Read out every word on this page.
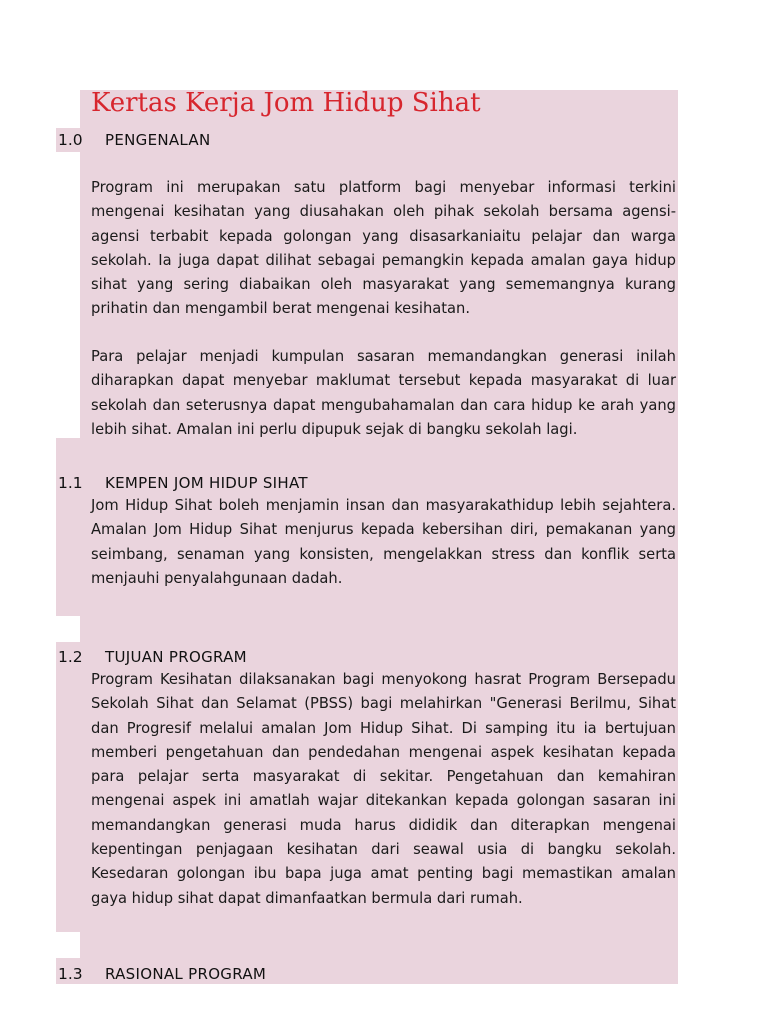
Kertas Kerja Jom Hidup Sihat
1.0 PENGENALAN

Program ini merupakan satu platform bagi menyebar informasi terkini mengenai kesihatan yang diusahakan oleh pihak sekolah bersama agensi-agensi terbabit kepada golongan yang disasarkaniaitu pelajar dan warga sekolah. Ia juga dapat dilihat sebagai pemangkin kepada amalan gaya hidup sihat yang sering diabaikan oleh masyarakat yang sememangnya kurang prihatin dan mengambil berat mengenai kesihatan.

Para pelajar menjadi kumpulan sasaran memandangkan generasi inilah diharapkan dapat menyebar maklumat tersebut kepada masyarakat di luar sekolah dan seterusnya dapat mengubahamalan dan cara hidup ke arah yang lebih sihat. Amalan ini perlu dipupuk sejak di bangku sekolah lagi.

1.1 KEMPEN JOM HIDUP SIHAT

Jom Hidup Sihat boleh menjamin insan dan masyarakathidup lebih sejahtera. Amalan Jom Hidup Sihat menjurus kepada kebersihan diri, pemakanan yang seimbang, senaman yang konsisten, mengelakkan stress dan konflik serta menjauhi penyalahgunaan dadah.

1.2 TUJUAN PROGRAM

Program Kesihatan dilaksanakan bagi menyokong hasrat Program Bersepadu Sekolah Sihat dan Selamat (PBSS) bagi melahirkan "Generasi Berilmu, Sihat dan Progresif melalui amalan Jom Hidup Sihat. Di samping itu ia bertujuan memberi pengetahuan dan pendedahan mengenai aspek kesihatan kepada para pelajar serta masyarakat di sekitar. Pengetahuan dan kemahiran mengenai aspek ini amatlah wajar ditekankan kepada golongan sasaran ini memandangkan generasi muda harus dididik dan diterapkan mengenai kepentingan penjagaan kesihatan dari seawal usia di bangku sekolah. Kesedaran golongan ibu bapa juga amat penting bagi memastikan amalan gaya hidup sihat dapat dimanfaatkan bermula dari rumah.

1.3 RASIONAL PROGRAM
